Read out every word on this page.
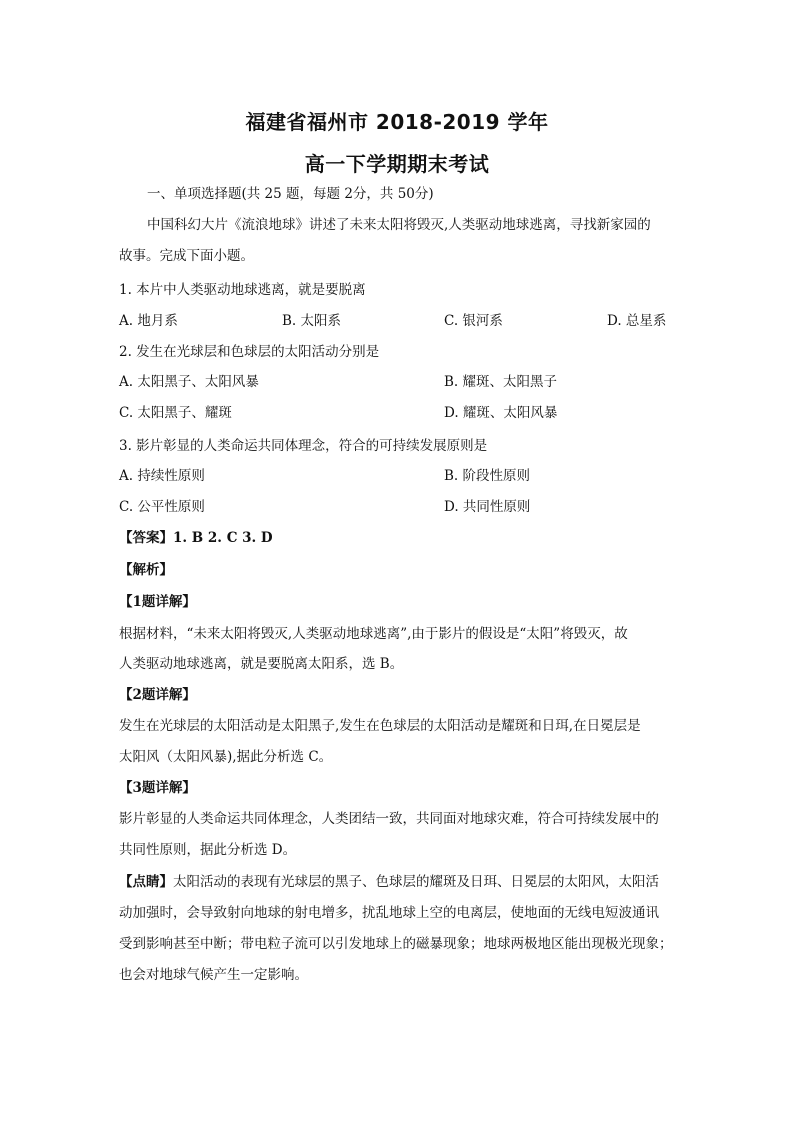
福建省福州市 2018-2019 学年
高一下学期期末考试
一、单项选择题(共 25 题，每题 2分，共 50分)
中国科幻大片《流浪地球》讲述了未来太阳将毁灭,人类驱动地球逃离，寻找新家园的
故事。完成下面小题。
1. 本片中人类驱动地球逃离，就是要脱离
A. 地月系	B. 太阳系	C. 银河系	D. 总星系
2. 发生在光球层和色球层的太阳活动分别是
A. 太阳黑子、太阳风暴	B. 耀斑、太阳黑子
C. 太阳黑子、耀斑	D. 耀斑、太阳风暴
3. 影片彰显的人类命运共同体理念，符合的可持续发展原则是
A. 持续性原则	B. 阶段性原则
C. 公平性原则	D. 共同性原则
【答案】1. B 2. C 3. D
【解析】
【1题详解】
根据材料，“未来太阳将毁灭,人类驱动地球逃离”,由于影片的假设是“太阳”将毁灭，故
人类驱动地球逃离，就是要脱离太阳系，选 B。
【2题详解】
发生在光球层的太阳活动是太阳黑子,发生在色球层的太阳活动是耀斑和日珥,在日冕层是
太阳风（太阳风暴),据此分析选 C。
【3题详解】
影片彰显的人类命运共同体理念，人类团结一致，共同面对地球灾难，符合可持续发展中的
共同性原则，据此分析选 D。
【点睛】太阳活动的表现有光球层的黑子、色球层的耀斑及日珥、日冕层的太阳风，太阳活
动加强时，会导致射向地球的射电增多，扰乱地球上空的电离层，使地面的无线电短波通讯
受到影响甚至中断；带电粒子流可以引发地球上的磁暴现象；地球两极地区能出现极光现象；
也会对地球气候产生一定影响。
